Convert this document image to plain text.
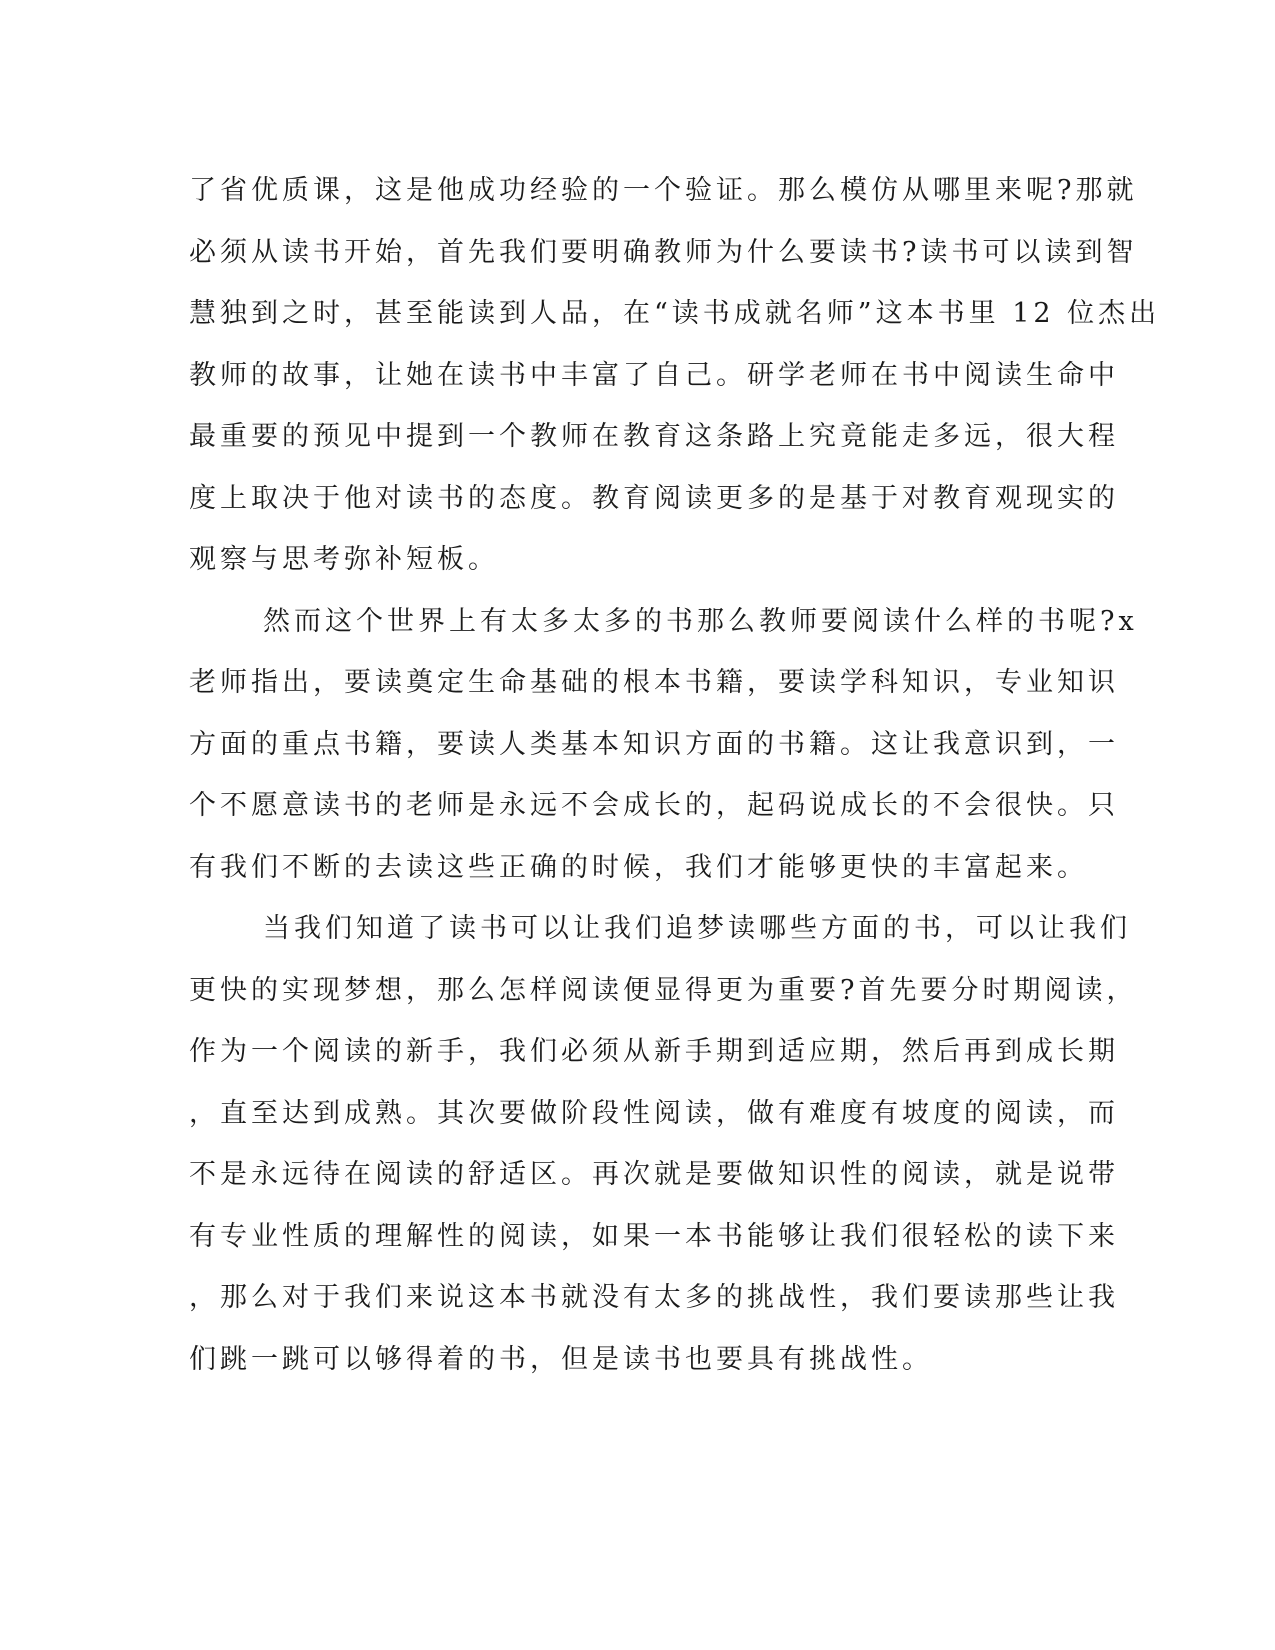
了省优质课，这是他成功经验的一个验证。那么模仿从哪里来呢?那就
必须从读书开始，首先我们要明确教师为什么要读书?读书可以读到智
慧独到之时，甚至能读到人品，在“读书成就名师”这本书里 12 位杰出
教师的故事，让她在读书中丰富了自己。研学老师在书中阅读生命中
最重要的预见中提到一个教师在教育这条路上究竟能走多远，很大程
度上取决于他对读书的态度。教育阅读更多的是基于对教育观现实的
观察与思考弥补短板。
然而这个世界上有太多太多的书那么教师要阅读什么样的书呢?x
老师指出，要读奠定生命基础的根本书籍，要读学科知识，专业知识
方面的重点书籍，要读人类基本知识方面的书籍。这让我意识到，一
个不愿意读书的老师是永远不会成长的，起码说成长的不会很快。只
有我们不断的去读这些正确的时候，我们才能够更快的丰富起来。
当我们知道了读书可以让我们追梦读哪些方面的书，可以让我们
更快的实现梦想，那么怎样阅读便显得更为重要?首先要分时期阅读，
作为一个阅读的新手，我们必须从新手期到适应期，然后再到成长期
，直至达到成熟。其次要做阶段性阅读，做有难度有坡度的阅读，而
不是永远待在阅读的舒适区。再次就是要做知识性的阅读，就是说带
有专业性质的理解性的阅读，如果一本书能够让我们很轻松的读下来
，那么对于我们来说这本书就没有太多的挑战性，我们要读那些让我
们跳一跳可以够得着的书，但是读书也要具有挑战性。
